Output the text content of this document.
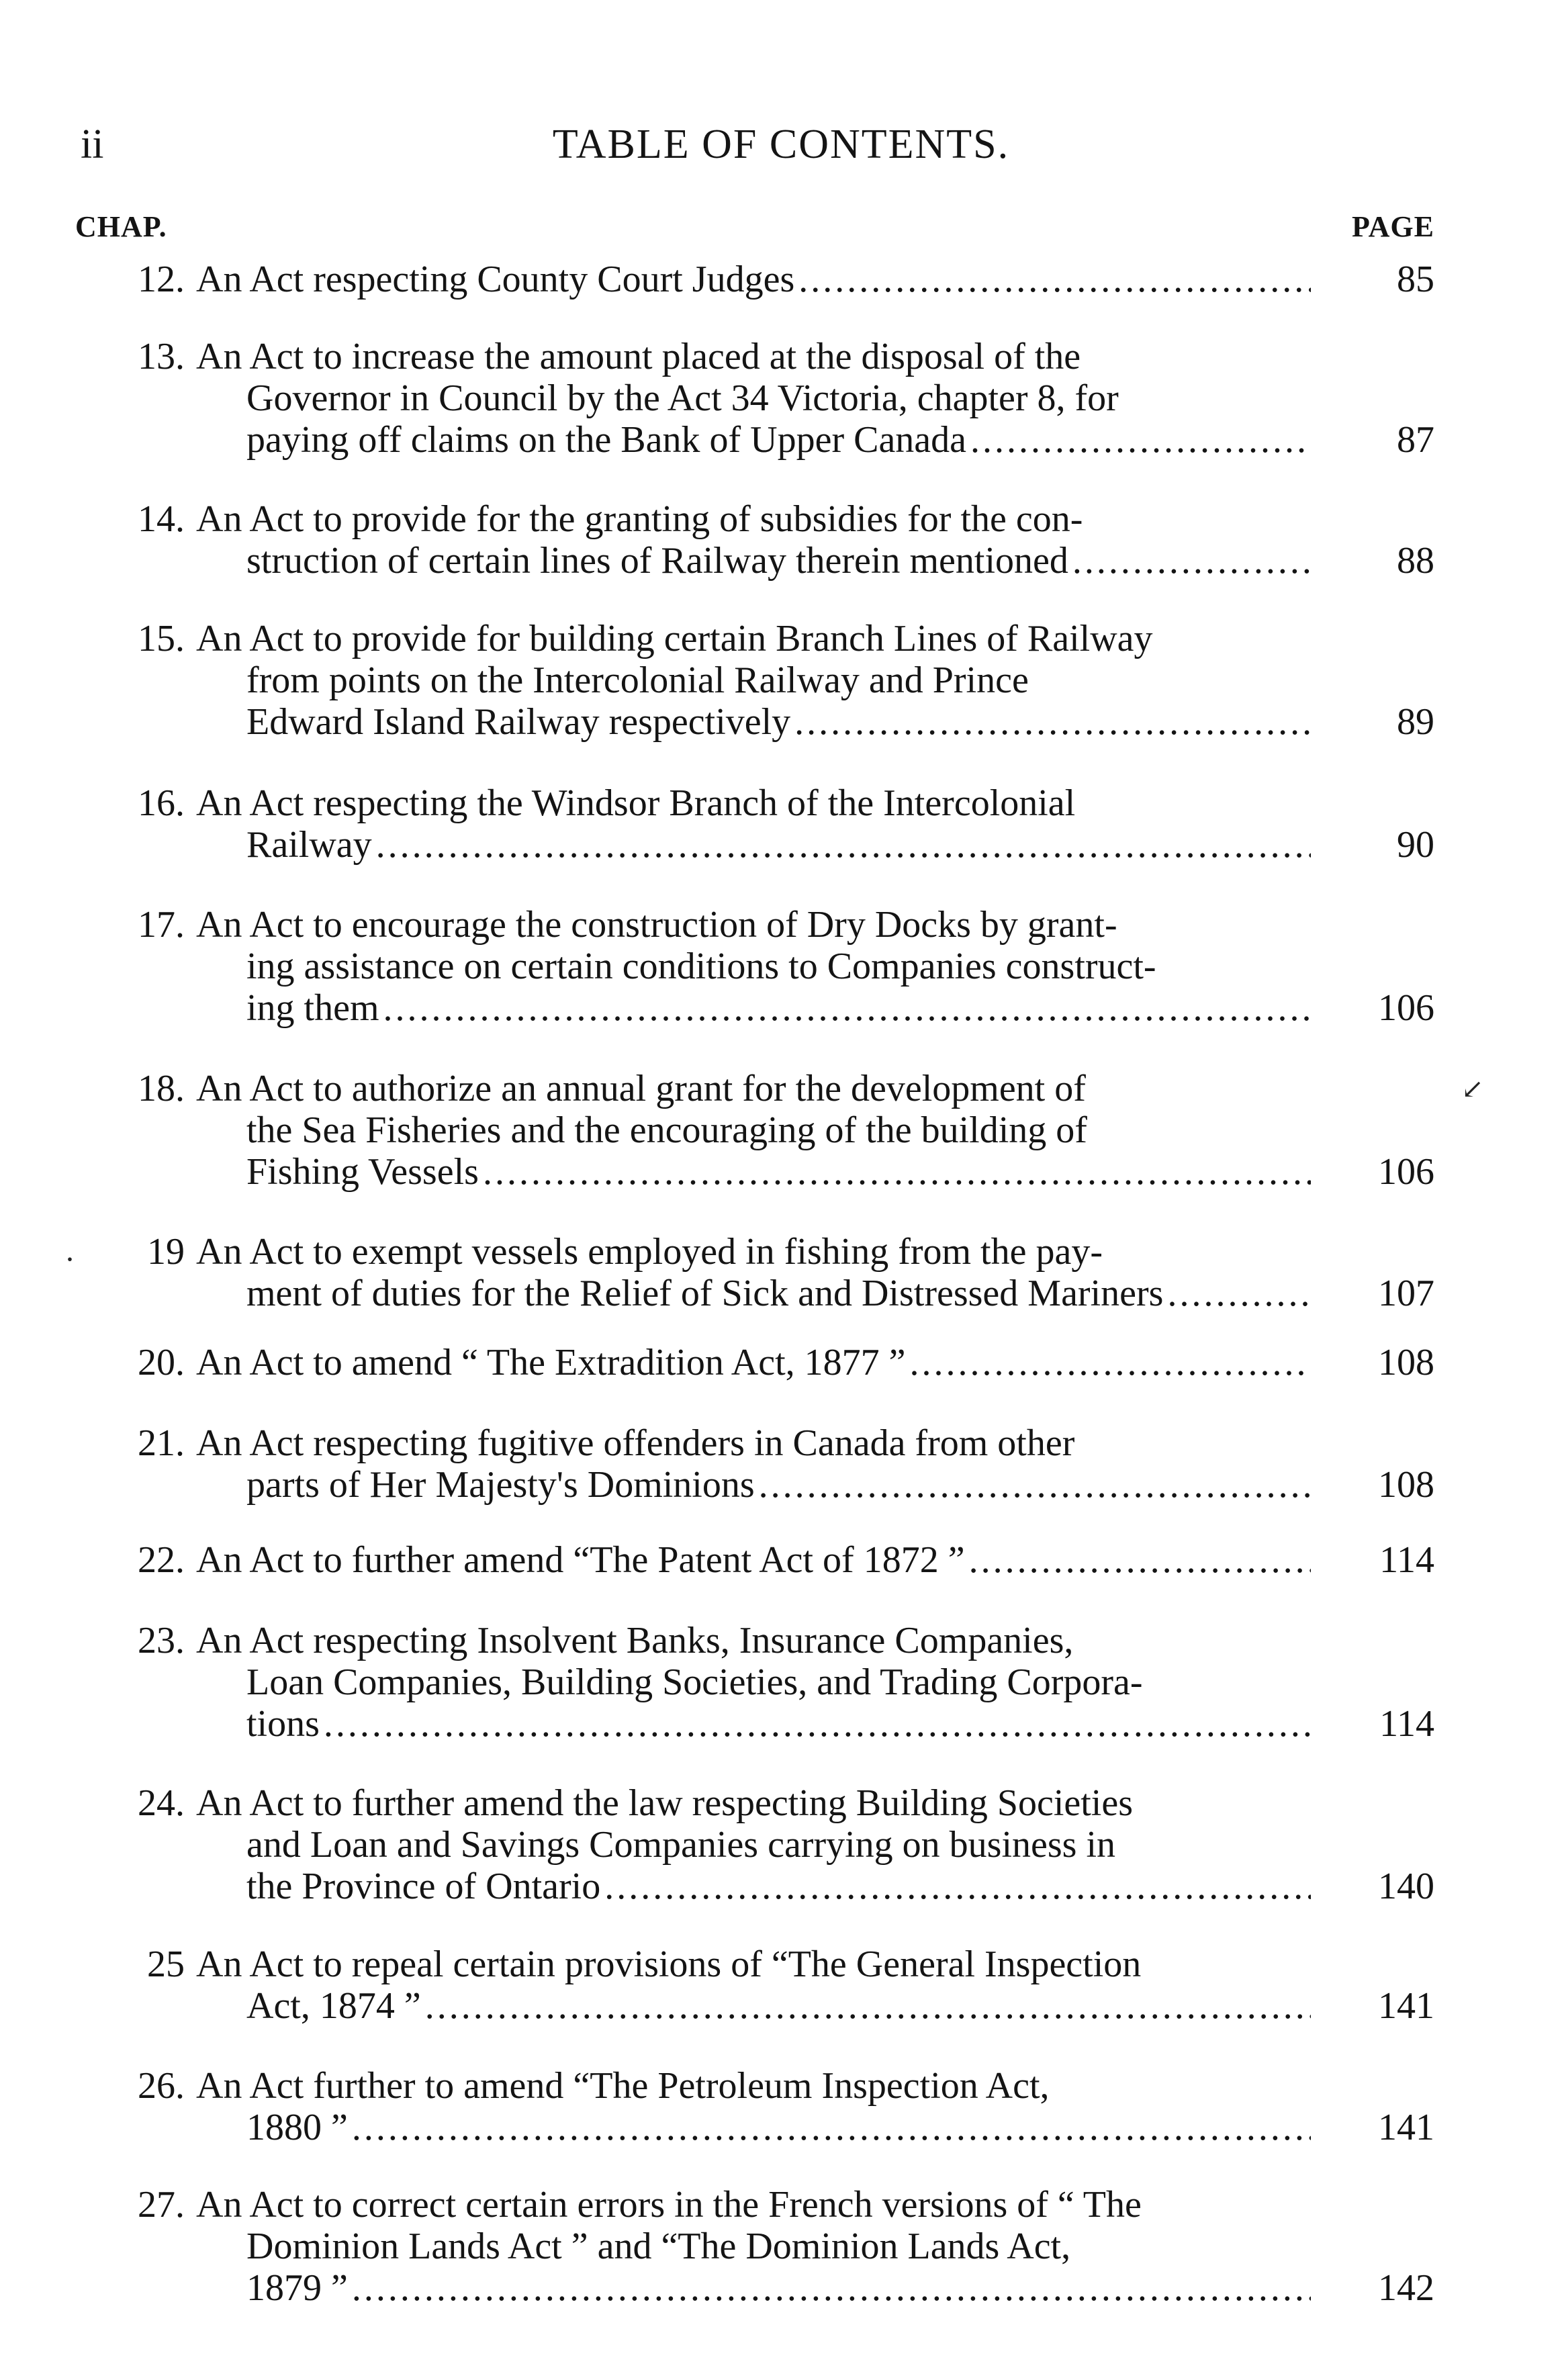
ii	TABLE OF CONTENTS.
CHAP.	PAGE
12. An Act respecting County Court Judges .....	85
13. An Act to increase the amount placed at the disposal of the
Governor in Council by the Act 34 Victoria, chapter 8, for
paying off claims on the Bank of Upper Canada .....	87
14. An Act to provide for the granting of subsidies for the con-
struction of certain lines of Railway therein mentioned .....	88
15. An Act to provide for building certain Branch Lines of Railway
from points on the Intercolonial Railway and Prince
Edward Island Railway respectively .....	89
16. An Act respecting the Windsor Branch of the Intercolonial
Railway .....	90
17. An Act to encourage the construction of Dry Docks by grant-
ing assistance on certain conditions to Companies construct-
ing them .....	106
18. An Act to authorize an annual grant for the development of
the Sea Fisheries and the encouraging of the building of
Fishing Vessels .....	106
19 An Act to exempt vessels employed in fishing from the pay-
ment of duties for the Relief of Sick and Distressed Mariners .....	107
20. An Act to amend “ The Extradition Act, 1877 ” .....	108
21. An Act respecting fugitive offenders in Canada from other
parts of Her Majesty's Dominions .....	108
22. An Act to further amend “The Patent Act of 1872 ” .....	114
23. An Act respecting Insolvent Banks, Insurance Companies,
Loan Companies, Building Societies, and Trading Corpora-
tions .....	114
24. An Act to further amend the law respecting Building Societies
and Loan and Savings Companies carrying on business in
the Province of Ontario .....	140
25 An Act to repeal certain provisions of “The General Inspection
Act, 1874 ” .....	141
26. An Act further to amend “The Petroleum Inspection Act,
1880 ” .....	141
27. An Act to correct certain errors in the French versions of “ The
Dominion Lands Act ” and “The Dominion Lands Act,
1879 ” .....	142
↙
·
